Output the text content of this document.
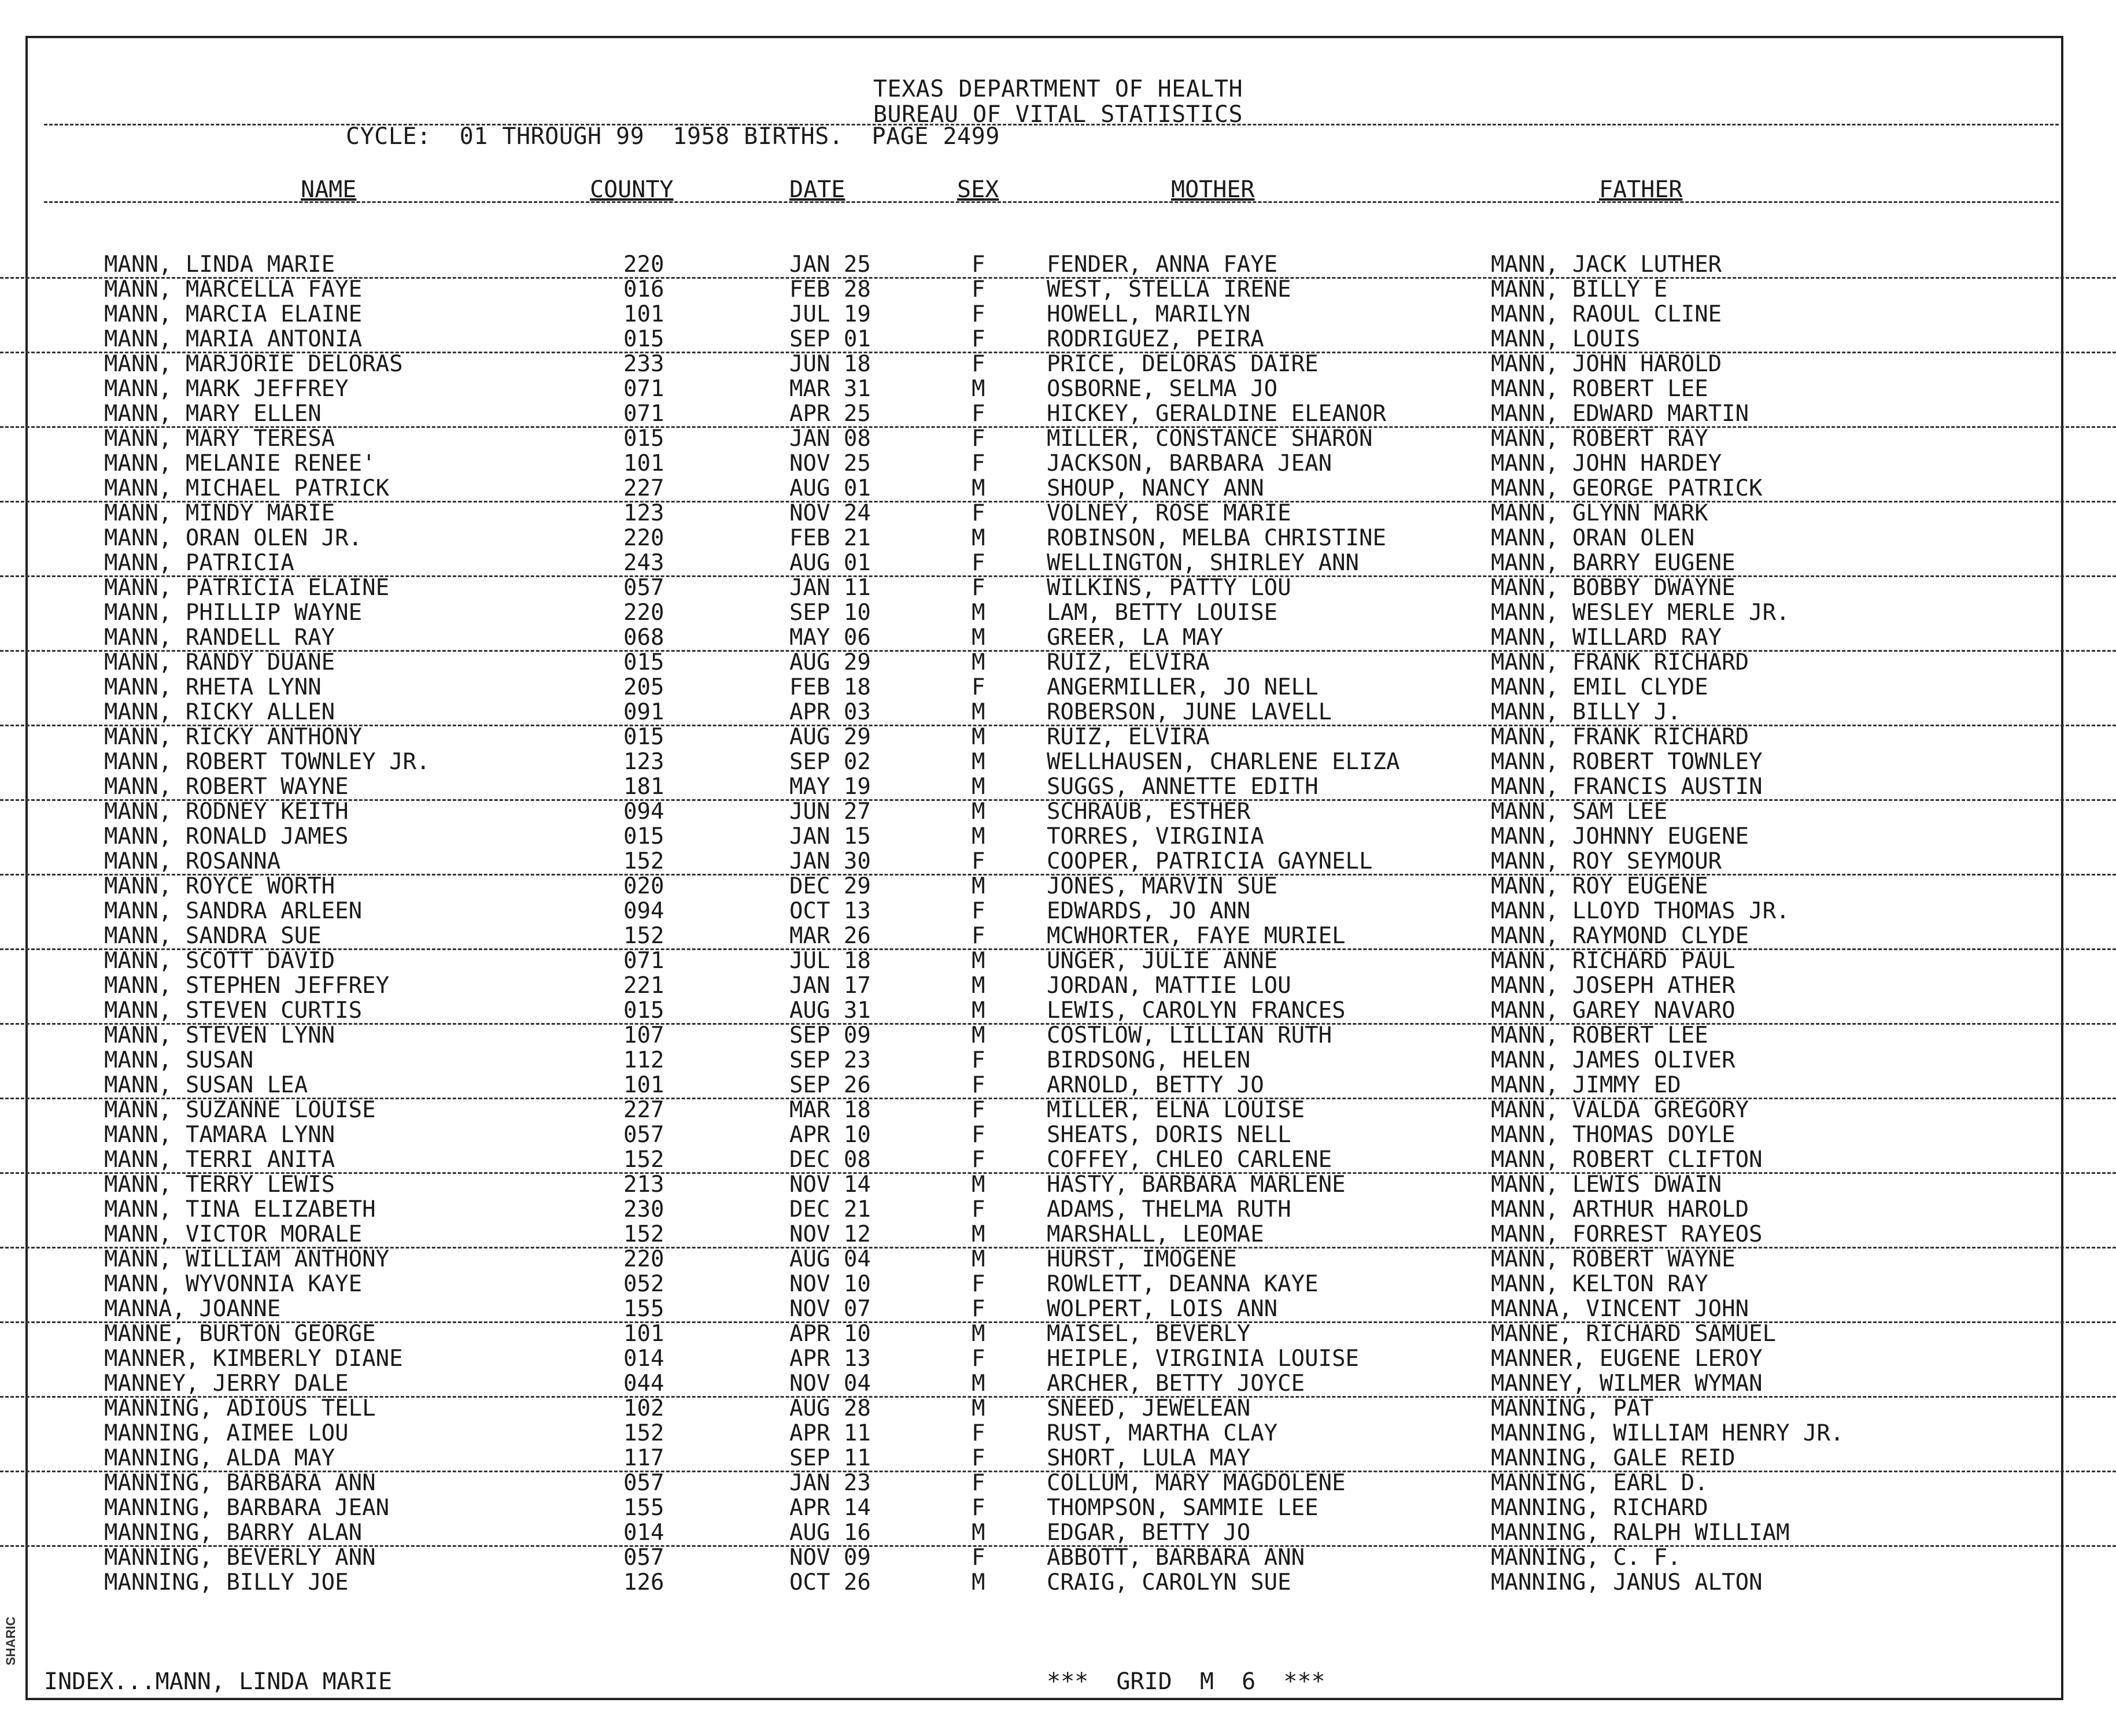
TEXAS DEPARTMENT OF HEALTH
BUREAU OF VITAL STATISTICS
CYCLE:  01 THROUGH 99  1958 BIRTHS.  PAGE 2499
NAME	COUNTY	DATE	SEX	MOTHER	FATHER
MANN, LINDA MARIE	220	JAN 25	F	FENDER, ANNA FAYE	MANN, JACK LUTHER
MANN, MARCELLA FAYE	016	FEB 28	F	WEST, STELLA IRENE	MANN, BILLY E
MANN, MARCIA ELAINE	101	JUL 19	F	HOWELL, MARILYN	MANN, RAOUL CLINE
MANN, MARIA ANTONIA	015	SEP 01	F	RODRIGUEZ, PEIRA	MANN, LOUIS
MANN, MARJORIE DELORAS	233	JUN 18	F	PRICE, DELORAS DAIRE	MANN, JOHN HAROLD
MANN, MARK JEFFREY	071	MAR 31	M	OSBORNE, SELMA JO	MANN, ROBERT LEE
MANN, MARY ELLEN	071	APR 25	F	HICKEY, GERALDINE ELEANOR	MANN, EDWARD MARTIN
MANN, MARY TERESA	015	JAN 08	F	MILLER, CONSTANCE SHARON	MANN, ROBERT RAY
MANN, MELANIE RENEE'	101	NOV 25	F	JACKSON, BARBARA JEAN	MANN, JOHN HARDEY
MANN, MICHAEL PATRICK	227	AUG 01	M	SHOUP, NANCY ANN	MANN, GEORGE PATRICK
MANN, MINDY MARIE	123	NOV 24	F	VOLNEY, ROSE MARIE	MANN, GLYNN MARK
MANN, ORAN OLEN JR.	220	FEB 21	M	ROBINSON, MELBA CHRISTINE	MANN, ORAN OLEN
MANN, PATRICIA	243	AUG 01	F	WELLINGTON, SHIRLEY ANN	MANN, BARRY EUGENE
MANN, PATRICIA ELAINE	057	JAN 11	F	WILKINS, PATTY LOU	MANN, BOBBY DWAYNE
MANN, PHILLIP WAYNE	220	SEP 10	M	LAM, BETTY LOUISE	MANN, WESLEY MERLE JR.
MANN, RANDELL RAY	068	MAY 06	M	GREER, LA MAY	MANN, WILLARD RAY
MANN, RANDY DUANE	015	AUG 29	M	RUIZ, ELVIRA	MANN, FRANK RICHARD
MANN, RHETA LYNN	205	FEB 18	F	ANGERMILLER, JO NELL	MANN, EMIL CLYDE
MANN, RICKY ALLEN	091	APR 03	M	ROBERSON, JUNE LAVELL	MANN, BILLY J.
MANN, RICKY ANTHONY	015	AUG 29	M	RUIZ, ELVIRA	MANN, FRANK RICHARD
MANN, ROBERT TOWNLEY JR.	123	SEP 02	M	WELLHAUSEN, CHARLENE ELIZA	MANN, ROBERT TOWNLEY
MANN, ROBERT WAYNE	181	MAY 19	M	SUGGS, ANNETTE EDITH	MANN, FRANCIS AUSTIN
MANN, RODNEY KEITH	094	JUN 27	M	SCHRAUB, ESTHER	MANN, SAM LEE
MANN, RONALD JAMES	015	JAN 15	M	TORRES, VIRGINIA	MANN, JOHNNY EUGENE
MANN, ROSANNA	152	JAN 30	F	COOPER, PATRICIA GAYNELL	MANN, ROY SEYMOUR
MANN, ROYCE WORTH	020	DEC 29	M	JONES, MARVIN SUE	MANN, ROY EUGENE
MANN, SANDRA ARLEEN	094	OCT 13	F	EDWARDS, JO ANN	MANN, LLOYD THOMAS JR.
MANN, SANDRA SUE	152	MAR 26	F	MCWHORTER, FAYE MURIEL	MANN, RAYMOND CLYDE
MANN, SCOTT DAVID	071	JUL 18	M	UNGER, JULIE ANNE	MANN, RICHARD PAUL
MANN, STEPHEN JEFFREY	221	JAN 17	M	JORDAN, MATTIE LOU	MANN, JOSEPH ATHER
MANN, STEVEN CURTIS	015	AUG 31	M	LEWIS, CAROLYN FRANCES	MANN, GAREY NAVARO
MANN, STEVEN LYNN	107	SEP 09	M	COSTLOW, LILLIAN RUTH	MANN, ROBERT LEE
MANN, SUSAN	112	SEP 23	F	BIRDSONG, HELEN	MANN, JAMES OLIVER
MANN, SUSAN LEA	101	SEP 26	F	ARNOLD, BETTY JO	MANN, JIMMY ED
MANN, SUZANNE LOUISE	227	MAR 18	F	MILLER, ELNA LOUISE	MANN, VALDA GREGORY
MANN, TAMARA LYNN	057	APR 10	F	SHEATS, DORIS NELL	MANN, THOMAS DOYLE
MANN, TERRI ANITA	152	DEC 08	F	COFFEY, CHLEO CARLENE	MANN, ROBERT CLIFTON
MANN, TERRY LEWIS	213	NOV 14	M	HASTY, BARBARA MARLENE	MANN, LEWIS DWAIN
MANN, TINA ELIZABETH	230	DEC 21	F	ADAMS, THELMA RUTH	MANN, ARTHUR HAROLD
MANN, VICTOR MORALE	152	NOV 12	M	MARSHALL, LEOMAE	MANN, FORREST RAYEOS
MANN, WILLIAM ANTHONY	220	AUG 04	M	HURST, IMOGENE	MANN, ROBERT WAYNE
MANN, WYVONNIA KAYE	052	NOV 10	F	ROWLETT, DEANNA KAYE	MANN, KELTON RAY
MANNA, JOANNE	155	NOV 07	F	WOLPERT, LOIS ANN	MANNA, VINCENT JOHN
MANNE, BURTON GEORGE	101	APR 10	M	MAISEL, BEVERLY	MANNE, RICHARD SAMUEL
MANNER, KIMBERLY DIANE	014	APR 13	F	HEIPLE, VIRGINIA LOUISE	MANNER, EUGENE LEROY
MANNEY, JERRY DALE	044	NOV 04	M	ARCHER, BETTY JOYCE	MANNEY, WILMER WYMAN
MANNING, ADIOUS TELL	102	AUG 28	M	SNEED, JEWELEAN	MANNING, PAT
MANNING, AIMEE LOU	152	APR 11	F	RUST, MARTHA CLAY	MANNING, WILLIAM HENRY JR.
MANNING, ALDA MAY	117	SEP 11	F	SHORT, LULA MAY	MANNING, GALE REID
MANNING, BARBARA ANN	057	JAN 23	F	COLLUM, MARY MAGDOLENE	MANNING, EARL D.
MANNING, BARBARA JEAN	155	APR 14	F	THOMPSON, SAMMIE LEE	MANNING, RICHARD
MANNING, BARRY ALAN	014	AUG 16	M	EDGAR, BETTY JO	MANNING, RALPH WILLIAM
MANNING, BEVERLY ANN	057	NOV 09	F	ABBOTT, BARBARA ANN	MANNING, C. F.
MANNING, BILLY JOE	126	OCT 26	M	CRAIG, CAROLYN SUE	MANNING, JANUS ALTON
INDEX...MANN, LINDA MARIE	***  GRID  M  6  ***
SHARIC
